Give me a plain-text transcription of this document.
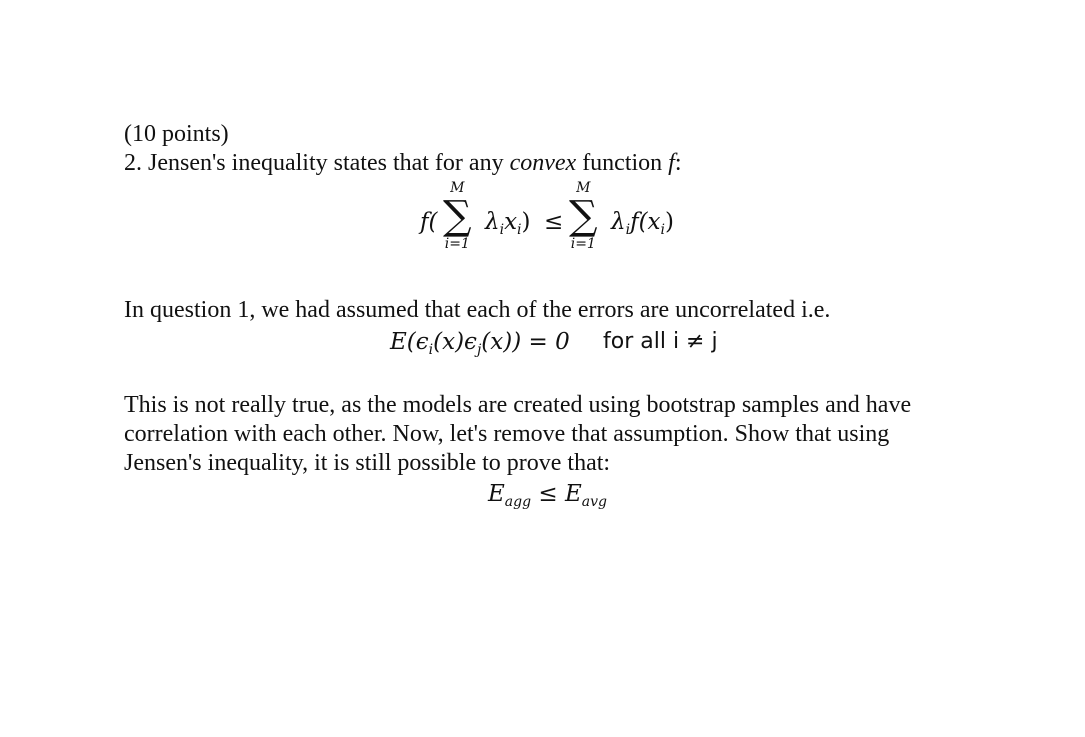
(10 points)
2. Jensen's inequality states that for any convex function f:
f(
M
∑
i=1
$\lambda_ix_i$) ≤
M
∑
i=1
$\lambda_if(x_i)$
In question 1, we had assumed that each of the errors are uncorrelated i.e.
$E(\epsilon_i(x)\epsilon_j(x)) = 0$ for all i ≠ j
This is not really true, as the models are created using bootstrap samples and have
correlation with each other. Now, let's remove that assumption. Show that using
Jensen's inequality, it is still possible to prove that:
$E_{agg} \le E_{avg}$
